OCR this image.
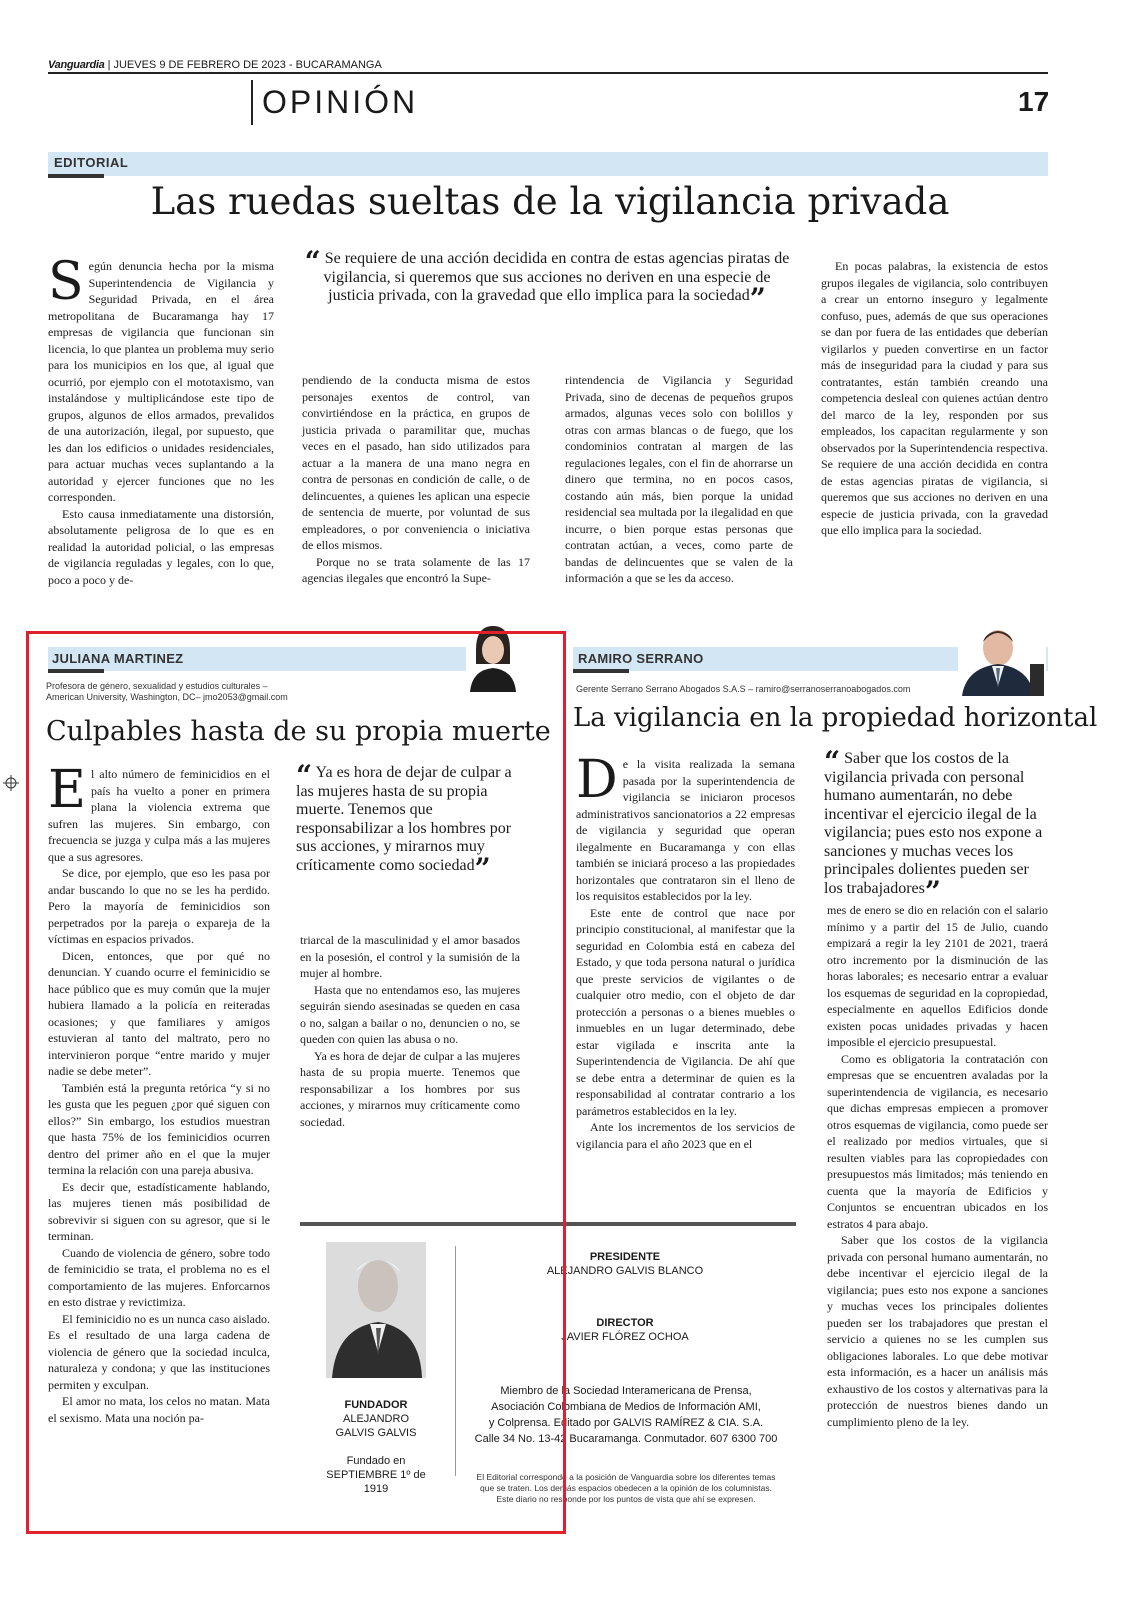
Vanguardia | JUEVES 9 DE FEBRERO DE 2023 - BUCARAMANGA
OPINIÓN	17
EDITORIAL
Las ruedas sueltas de la vigilancia privada

Según denuncia hecha por la misma Superintendencia de Vigilancia y Seguridad Privada, en el área metropolitana de Bucaramanga hay 17 empresas de vigilancia que funcionan sin licencia, lo que plantea un problema muy serio para los municipios en los que, al igual que ocurrió, por ejemplo con el mototaxismo, van instalándose y multiplicándose este tipo de grupos, algunos de ellos armados, prevalidos de una autorización, ilegal, por supuesto, que les dan los edificios o unidades residenciales, para actuar muchas veces suplantando a la autoridad y ejercer funciones que no les corresponden.

Esto causa inmediatamente una distorsión, absolutamente peligrosa de lo que es en realidad la autoridad policial, o las empresas de vigilancia reguladas y legales, con lo que, poco a poco y de-

“ Se requiere de una acción decidida en contra de estas agencias piratas de vigilancia, si queremos que sus acciones no deriven en una especie de justicia privada, con la gravedad que ello implica para la sociedad”

pendiendo de la conducta misma de estos personajes exentos de control, van convirtiéndose en la práctica, en grupos de justicia privada o paramilitar que, muchas veces en el pasado, han sido utilizados para actuar a la manera de una mano negra en contra de personas en condición de calle, o de delincuentes, a quienes les aplican una especie de sentencia de muerte, por voluntad de sus empleadores, o por conveniencia o iniciativa de ellos mismos.

Porque no se trata solamente de las 17 agencias ilegales que encontró la Supe-

rintendencia de Vigilancia y Seguridad Privada, sino de decenas de pequeños grupos armados, algunas veces solo con bolillos y otras con armas blancas o de fuego, que los condominios contratan al margen de las regulaciones legales, con el fin de ahorrarse un dinero que termina, no en pocos casos, costando aún más, bien porque la unidad residencial sea multada por la ilegalidad en que incurre, o bien porque estas personas que contratan actúan, a veces, como parte de bandas de delincuentes que se valen de la información a que se les da acceso.

En pocas palabras, la existencia de estos grupos ilegales de vigilancia, solo contribuyen a crear un entorno inseguro y legalmente confuso, pues, además de que sus operaciones se dan por fuera de las entidades que deberían vigilarlos y pueden convertirse en un factor más de inseguridad para la ciudad y para sus contratantes, están también creando una competencia desleal con quienes actúan dentro del marco de la ley, responden por sus empleados, los capacitan regularmente y son observados por la Superintendencia respectiva. Se requiere de una acción decidida en contra de estas agencias piratas de vigilancia, si queremos que sus acciones no deriven en una especie de justicia privada, con la gravedad que ello implica para la sociedad.

JULIANA MARTINEZ
Profesora de género, sexualidad y estudios culturales – American University, Washington, DC– jmo2053@gmail.com
Culpables hasta de su propia muerte

El alto número de feminicidios en el país ha vuelto a poner en primera plana la violencia extrema que sufren las mujeres. Sin embargo, con frecuencia se juzga y culpa más a las mujeres que a sus agresores.

Se dice, por ejemplo, que eso les pasa por andar buscando lo que no se les ha perdido. Pero la mayoría de feminicidios son perpetrados por la pareja o expareja de la víctimas en espacios privados.

Dicen, entonces, que por qué no denuncian. Y cuando ocurre el feminicidio se hace público que es muy común que la mujer hubiera llamado a la policía en reiteradas ocasiones; y que familiares y amigos estuvieran al tanto del maltrato, pero no intervinieron porque “entre marido y mujer nadie se debe meter”.

También está la pregunta retórica “y si no les gusta que les peguen ¿por qué siguen con ellos?” Sin embargo, los estudios muestran que hasta 75% de los feminicidios ocurren dentro del primer año en el que la mujer termina la relación con una pareja abusiva.

Es decir que, estadísticamente hablando, las mujeres tienen más posibilidad de sobrevivir si siguen con su agresor, que si le terminan.

Cuando de violencia de género, sobre todo de feminicidio se trata, el problema no es el comportamiento de las mujeres. Enforcarnos en esto distrae y revictimiza.

El feminicidio no es un nunca caso aislado. Es el resultado de una larga cadena de violencia de género que la sociedad inculca, naturaleza y condona; y que las instituciones permiten y exculpan.

El amor no mata, los celos no matan. Mata el sexismo. Mata una noción pa-

“ Ya es hora de dejar de culpar a las mujeres hasta de su propia muerte. Tenemos que responsabilizar a los hombres por sus acciones, y mirarnos muy críticamente como sociedad”

triarcal de la masculinidad y el amor basados en la posesión, el control y la sumisión de la mujer al hombre.

Hasta que no entendamos eso, las mujeres seguirán siendo asesinadas se queden en casa o no, salgan a bailar o no, denuncien o no, se queden con quien las abusa o no.

Ya es hora de dejar de culpar a las mujeres hasta de su propia muerte. Tenemos que responsabilizar a los hombres por sus acciones, y mirarnos muy críticamente como sociedad.

FUNDADOR
ALEJANDRO
GALVIS GALVIS

Fundado en
SEPTIEMBRE 1º de 1919
PRESIDENTE
ALEJANDRO GALVIS BLANCO
DIRECTOR
JAVIER FLÓREZ OCHOA
Miembro de la Sociedad Interamericana de Prensa,
Asociación Colombiana de Medios de Información AMI,
y Colprensa. Editado por GALVIS RAMÍREZ & CIA. S.A.
Calle 34 No. 13-42 Bucaramanga. Conmutador. 607 6300 700
El Editorial corresponde a la posición de Vanguardia sobre los diferentes temas
que se traten. Los demás espacios obedecen a la opinión de los columnistas.
Este diario no responde por los puntos de vista que ahí se expresen.
RAMIRO SERRANO
Gerente Serrano Serrano Abogados S.A.S – ramiro@serranoserranoabogados.com
La vigilancia en la propiedad horizontal

De la visita realizada la semana pasada por la superintendencia de vigilancia se iniciaron procesos administrativos sancionatorios a 22 empresas de vigilancia y seguridad que operan ilegalmente en Bucaramanga y con ellas también se iniciará proceso a las propiedades horizontales que contrataron sin el lleno de los requisitos establecidos por la ley.

Este ente de control que nace por principio constitucional, al manifestar que la seguridad en Colombia está en cabeza del Estado, y que toda persona natural o jurídica que preste servicios de vigilantes o de cualquier otro medio, con el objeto de dar protección a personas o a bienes muebles o inmuebles en un lugar determinado, debe estar vigilada e inscrita ante la Superintendencia de Vigilancia. De ahí que se debe entra a determinar de quien es la responsabilidad al contratar contrario a los parámetros establecidos en la ley.

Ante los incrementos de los servicios de vigilancia para el año 2023 que en el

“ Saber que los costos de la vigilancia privada con personal humano aumentarán, no debe incentivar el ejercicio ilegal de la vigilancia; pues esto nos expone a sanciones y muchas veces los principales dolientes pueden ser los trabajadores”

mes de enero se dio en relación con el salario mínimo y a partir del 15 de Julio, cuando empizará a regir la ley 2101 de 2021, traerá otro incremento por la disminución de las horas laborales; es necesario entrar a evaluar los esquemas de seguridad en la copropiedad, especialmente en aquellos Edificios donde existen pocas unidades privadas y hacen imposible el ejercicio presupuestal.

Como es obligatoria la contratación con empresas que se encuentren avaladas por la superintendencia de vigilancia, es necesario que dichas empresas empiecen a promover otros esquemas de vigilancia, como puede ser el realizado por medios virtuales, que si resulten viables para las copropiedades con presupuestos más limitados; más teniendo en cuenta que la mayoría de Edificios y Conjuntos se encuentran ubicados en los estratos 4 para abajo.

Saber que los costos de la vigilancia privada con personal humano aumentarán, no debe incentivar el ejercicio ilegal de la vigilancia; pues esto nos expone a sanciones y muchas veces los principales dolientes pueden ser los trabajadores que prestan el servicio a quienes no se les cumplen sus obligaciones laborales. Lo que debe motivar esta información, es a hacer un análisis más exhaustivo de los costos y alternativas para la protección de nuestros bienes dando un cumplimiento pleno de la ley.
